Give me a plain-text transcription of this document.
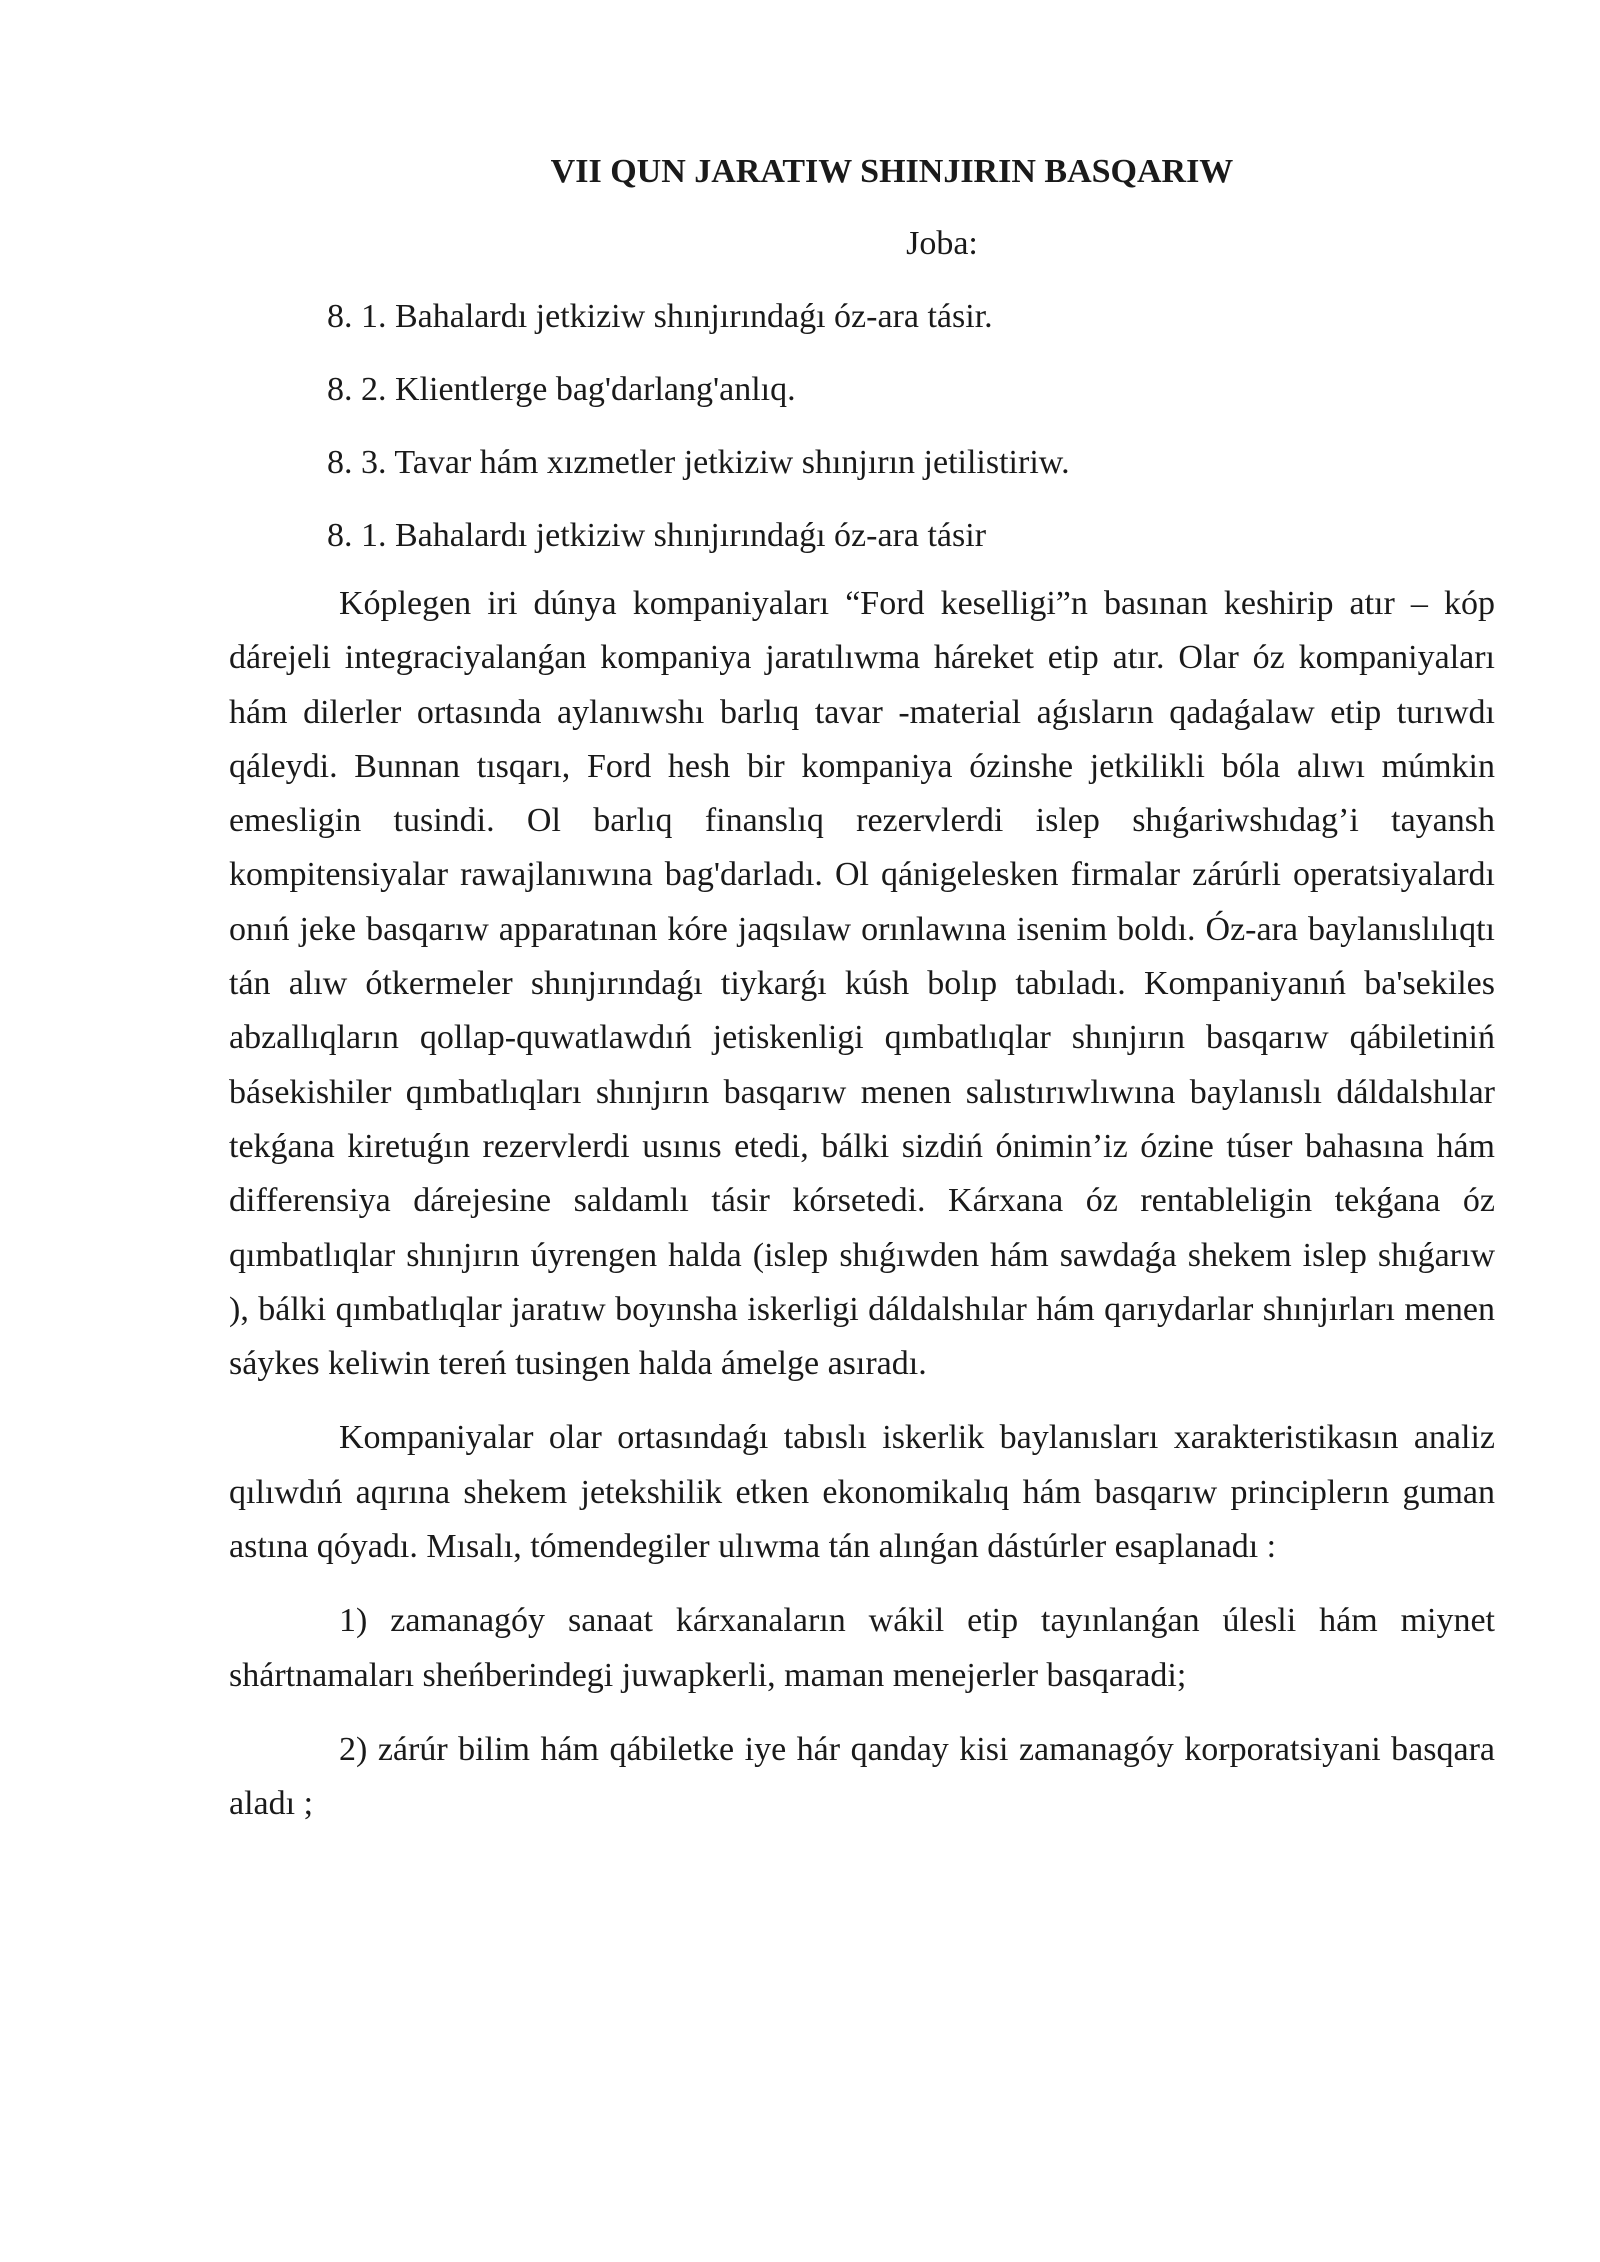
VII QUN JARATIW SHINJIRIN BASQARIW

Joba:

8. 1. Bahalardı jetkiziw shınjırındaǵı óz-ara tásir.
8. 2. Klientlerge bag'darlang'anlıq.
8. 3. Tavar hám xızmetler jetkiziw shınjırın jetilistiriw.
8. 1. Bahalardı jetkiziw shınjırındaǵı óz-ara tásir

Kóplegen iri dúnya kompaniyaları “Ford keselligi”n basınan keshirip atır – kóp dárejeli integraciyalanǵan kompaniya jaratılıwma háreket etip atır. Olar óz kompaniyaları hám dilerler ortasında aylanıwshı barlıq tavar -material aǵısların qadaǵalaw etip turıwdı qáleydi. Bunnan tısqarı, Ford hesh bir kompaniya ózinshe jetkilikli bóla alıwı múmkin emesligin tusindi. Ol barlıq finanslıq rezervlerdi islep shıǵariwshıdag’i tayansh kompitensiyalar rawajlanıwına bag'darladı. Ol qánigelesken firmalar zárúrli operatsiyalardı onıń jeke basqarıw apparatınan kóre jaqsılaw orınlawına isenim boldı. Óz-ara baylanıslılıqtı tán alıw ótkermeler shınjırındaǵı tiykarǵı kúsh bolıp tabıladı. Kompaniyanıń ba'sekiles abzallıqların qollap-quwatlawdıń jetiskenligi qımbatlıqlar shınjırın basqarıw qábiletiniń básekishiler qımbatlıqları shınjırın basqarıw menen salıstırıwlıwına baylanıslı dáldalshılar tekǵana kiretuǵın rezervlerdi usınıs etedi, bálki sizdiń ónimin’iz ózine túser bahasına hám differensiya dárejesine saldamlı tásir kórsetedi. Kárxana óz rentableligin tekǵana óz qımbatlıqlar shınjırın úyrengen halda (islep shıǵıwden hám sawdaǵa shekem islep shıǵarıw ), bálki qımbatlıqlar jaratıw boyınsha iskerligi dáldalshılar hám qarıydarlar shınjırları menen sáykes keliwin tereń tusingen halda ámelge asıradı.

Kompaniyalar olar ortasındaǵı tabıslı iskerlik baylanısları xarakteristikasın analiz qılıwdıń aqırına shekem jetekshilik etken ekonomikalıq hám basqarıw principlerın guman astına qóyadı. Mısalı, tómendegiler ulıwma tán alınǵan dástúrler esaplanadı :

1) zamanagóy sanaat kárxanaların wákil etip tayınlanǵan úlesli hám miynet shártnamaları sheńberindegi juwapkerli, maman menejerler basqaradi;

2) zárúr bilim hám qábiletke iye hár qanday kisi zamanagóy korporatsiyani basqara aladı ;
